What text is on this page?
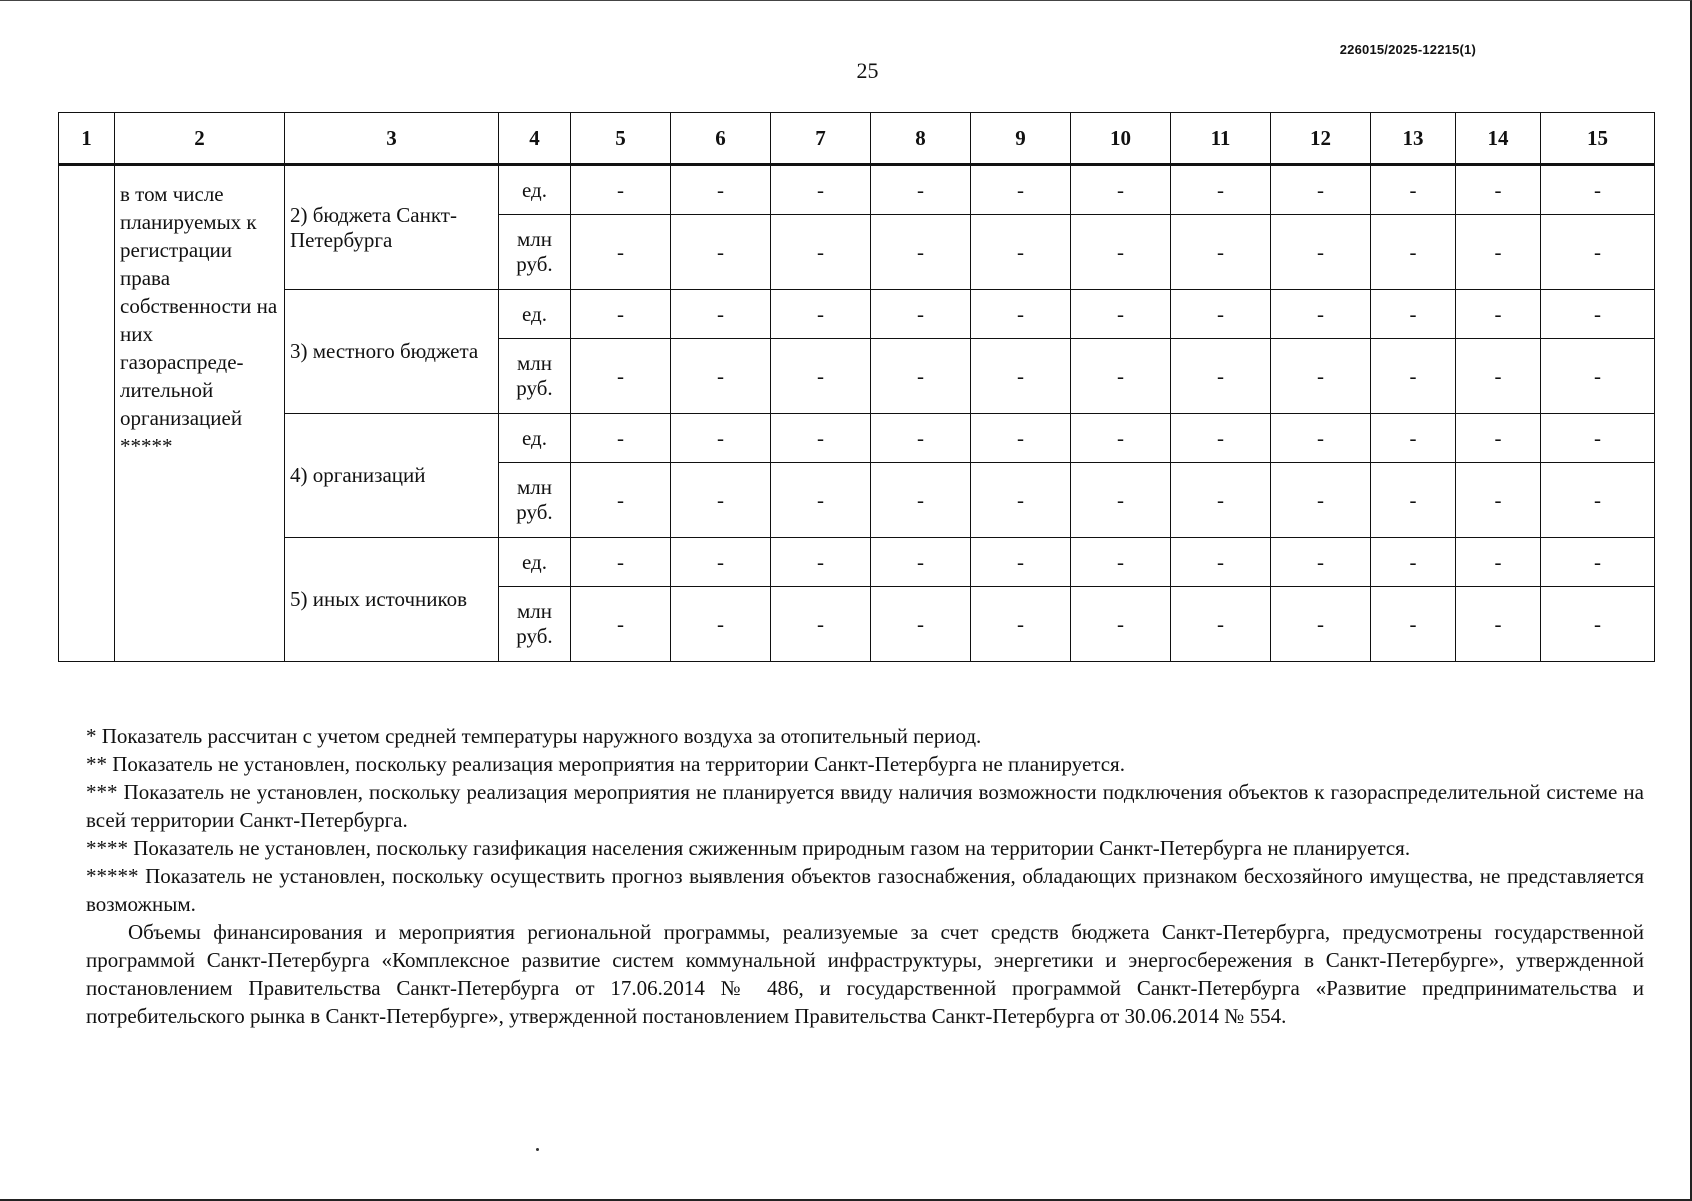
226015/2025-12215(1)
25
1	2	3	4	5	6	7	8	9	10	11	12	13	14	15
	в том числе планируемых к регистрации права собственности на них газораспреде-лительной организацией *****	2) бюджета Санкт-Петербурга	ед.	-	-	-	-	-	-	-	-	-	-	-
			млн руб.	-	-	-	-	-	-	-	-	-	-	-
		3) местного бюджета	ед.	-	-	-	-	-	-	-	-	-	-	-
			млн руб.	-	-	-	-	-	-	-	-	-	-	-
		4) организаций	ед.	-	-	-	-	-	-	-	-	-	-	-
			млн руб.	-	-	-	-	-	-	-	-	-	-	-
		5) иных источников	ед.	-	-	-	-	-	-	-	-	-	-	-
			млн руб.	-	-	-	-	-	-	-	-	-	-	-

* Показатель рассчитан с учетом средней температуры наружного воздуха за отопительный период.

** Показатель не установлен, поскольку реализация мероприятия на территории Санкт-Петербурга не планируется.

*** Показатель не установлен, поскольку реализация мероприятия не планируется ввиду наличия возможности подключения объектов к газораспределительной системе на всей территории Санкт-Петербурга.

**** Показатель не установлен, поскольку газификация населения сжиженным природным газом на территории Санкт-Петербурга не планируется.

***** Показатель не установлен, поскольку осуществить прогноз выявления объектов газоснабжения, обладающих признаком бесхозяйного имущества, не представляется возможным.

Объемы финансирования и мероприятия региональной программы, реализуемые за счет средств бюджета Санкт-Петербурга, предусмотрены государственной программой Санкт-Петербурга «Комплексное развитие систем коммунальной инфраструктуры, энергетики и энергосбережения в Санкт-Петербурге», утвержденной постановлением Правительства Санкт-Петербурга от 17.06.2014 № 486, и государственной программой Санкт-Петербурга «Развитие предпринимательства и потребительского рынка в Санкт-Петербурге», утвержденной постановлением Правительства Санкт-Петербурга от 30.06.2014 № 554.
